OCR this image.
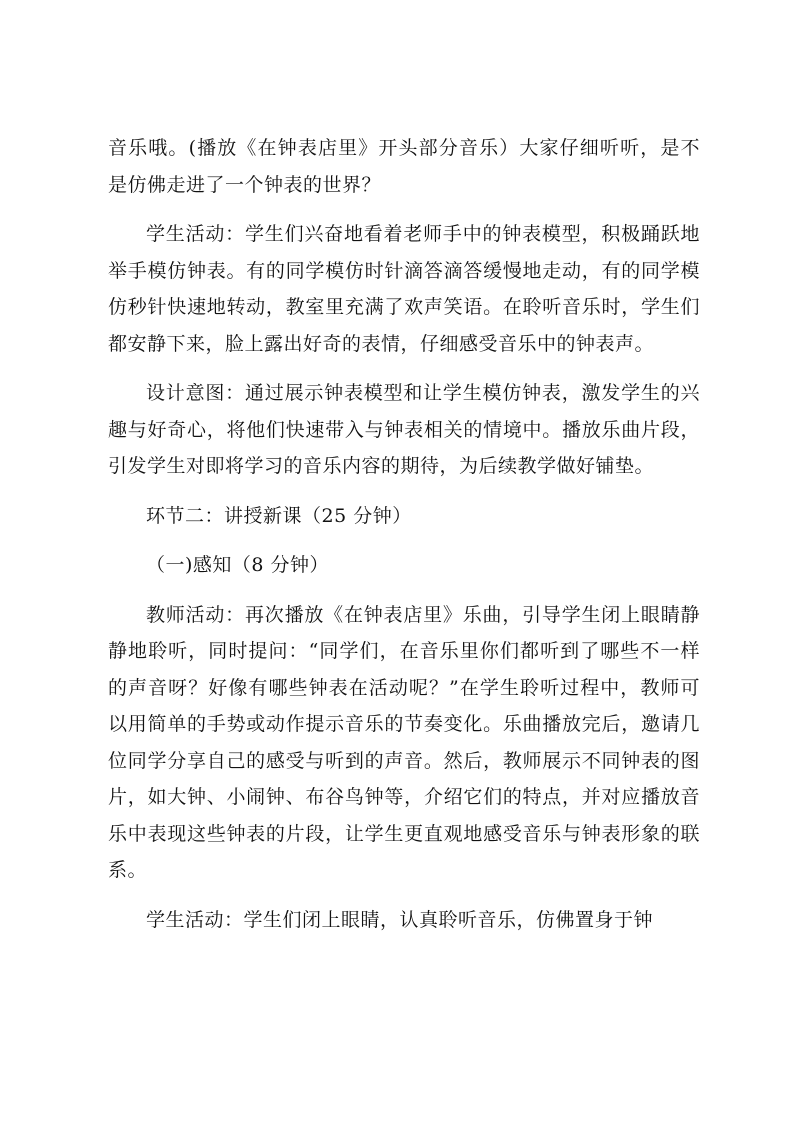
音乐哦。(播放《在钟表店里》开头部分音乐）大家仔细听听，是不是仿佛走进了一个钟表的世界？

学生活动：学生们兴奋地看着老师手中的钟表模型，积极踊跃地举手模仿钟表。有的同学模仿时针滴答滴答缓慢地走动，有的同学模仿秒针快速地转动，教室里充满了欢声笑语。在聆听音乐时，学生们都安静下来，脸上露出好奇的表情，仔细感受音乐中的钟表声。

设计意图：通过展示钟表模型和让学生模仿钟表，激发学生的兴趣与好奇心，将他们快速带入与钟表相关的情境中。播放乐曲片段，引发学生对即将学习的音乐内容的期待，为后续教学做好铺垫。

环节二：讲授新课（25 分钟）

（一)感知（8 分钟）

教师活动：再次播放《在钟表店里》乐曲，引导学生闭上眼睛静静地聆听，同时提问：“同学们，在音乐里你们都听到了哪些不一样的声音呀？好像有哪些钟表在活动呢？”在学生聆听过程中，教师可以用简单的手势或动作提示音乐的节奏变化。乐曲播放完后，邀请几位同学分享自己的感受与听到的声音。然后，教师展示不同钟表的图片，如大钟、小闹钟、布谷鸟钟等，介绍它们的特点，并对应播放音乐中表现这些钟表的片段，让学生更直观地感受音乐与钟表形象的联系。

学生活动：学生们闭上眼睛，认真聆听音乐，仿佛置身于钟
